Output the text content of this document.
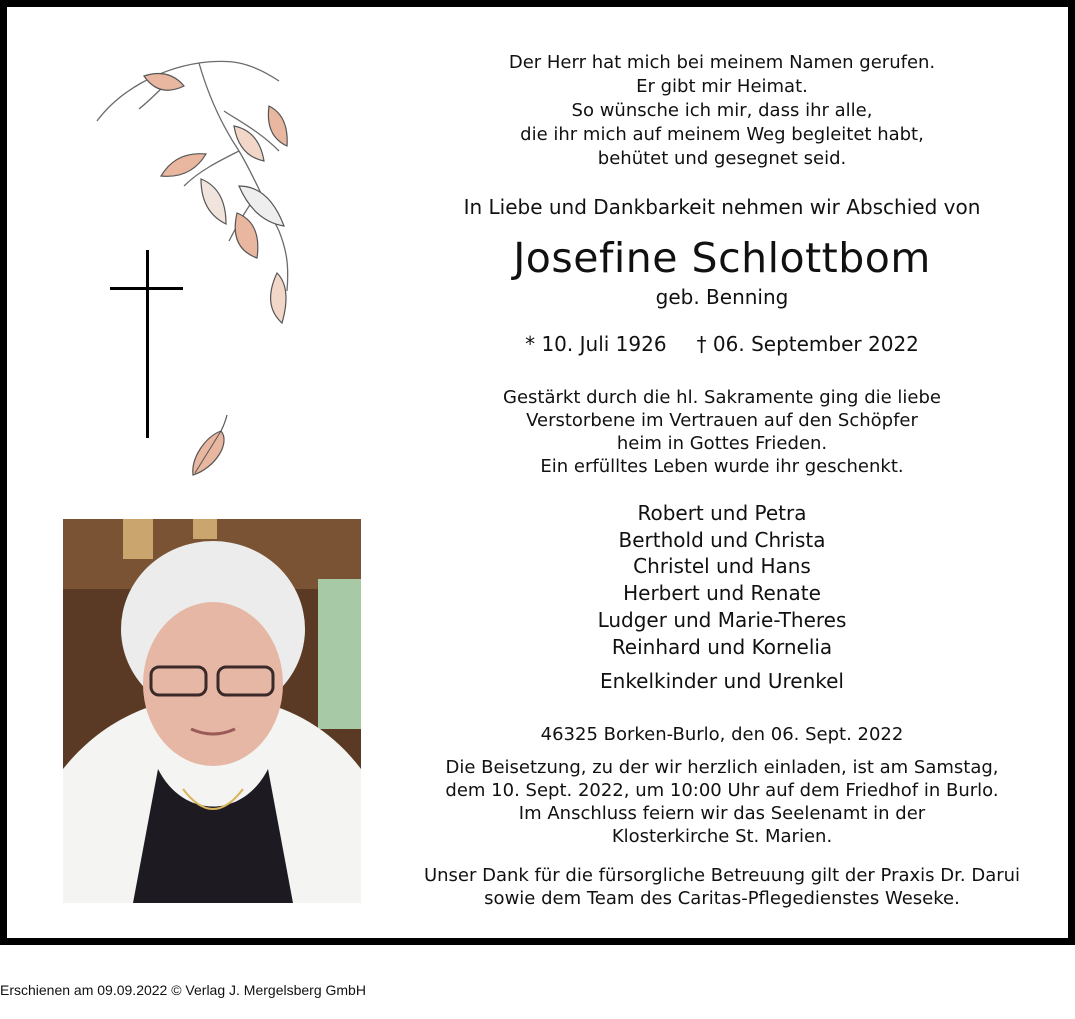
Der Herr hat mich bei meinem Namen gerufen.
Er gibt mir Heimat.
So wünsche ich mir, dass ihr alle,
die ihr mich auf meinem Weg begleitet habt,
behütet und gesegnet seid.
In Liebe und Dankbarkeit nehmen wir Abschied von
Josefine Schlottbom
geb. Benning
* 10. Juli 1926 † 06. September 2022
Gestärkt durch die hl. Sakramente ging die liebe
Verstorbene im Vertrauen auf den Schöpfer
heim in Gottes Frieden.
Ein erfülltes Leben wurde ihr geschenkt.
Robert und Petra
Berthold und Christa
Christel und Hans
Herbert und Renate
Ludger und Marie-Theres
Reinhard und Kornelia
Enkelkinder und Urenkel
46325 Borken-Burlo, den 06. Sept. 2022
Die Beisetzung, zu der wir herzlich einladen, ist am Samstag,
dem 10. Sept. 2022, um 10:00 Uhr auf dem Friedhof in Burlo.
Im Anschluss feiern wir das Seelenamt in der
Klosterkirche St. Marien.
Unser Dank für die fürsorgliche Betreuung gilt der Praxis Dr. Darui
sowie dem Team des Caritas-Pflegedienstes Weseke.
Erschienen am 09.09.2022 © Verlag J. Mergelsberg GmbH
